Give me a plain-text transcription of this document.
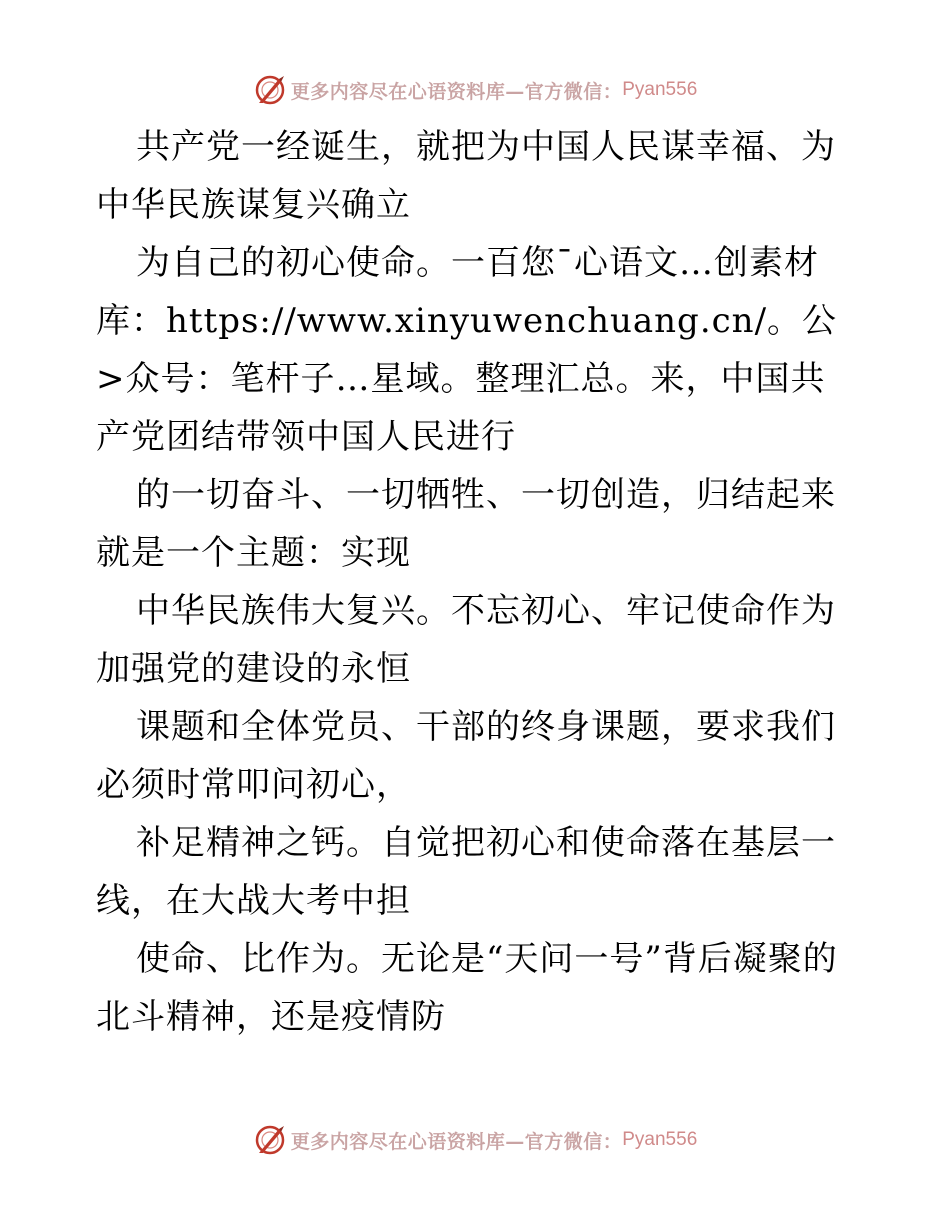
更多内容尽在心语资料库—官方微信： Pyan556

共产党一经诞生，就把为中国人民谋幸福、为中华民族谋复兴确立

为自己的初心使命。一百您¯心语文…创素材库：https://www.xinyuwenchuang.cn/。公>众号：笔杆子…星域。整理汇总。来，中国共产党团结带领中国人民进行

的一切奋斗、一切牺牲、一切创造，归结起来就是一个主题：实现

中华民族伟大复兴。不忘初心、牢记使命作为加强党的建设的永恒

课题和全体党员、干部的终身课题，要求我们必须时常叩问初心，

补足精神之钙。自觉把初心和使命落在基层一线，在大战大考中担

使命、比作为。无论是“天问一号”背后凝聚的北斗精神，还是疫情防

更多内容尽在心语资料库—官方微信： Pyan556
